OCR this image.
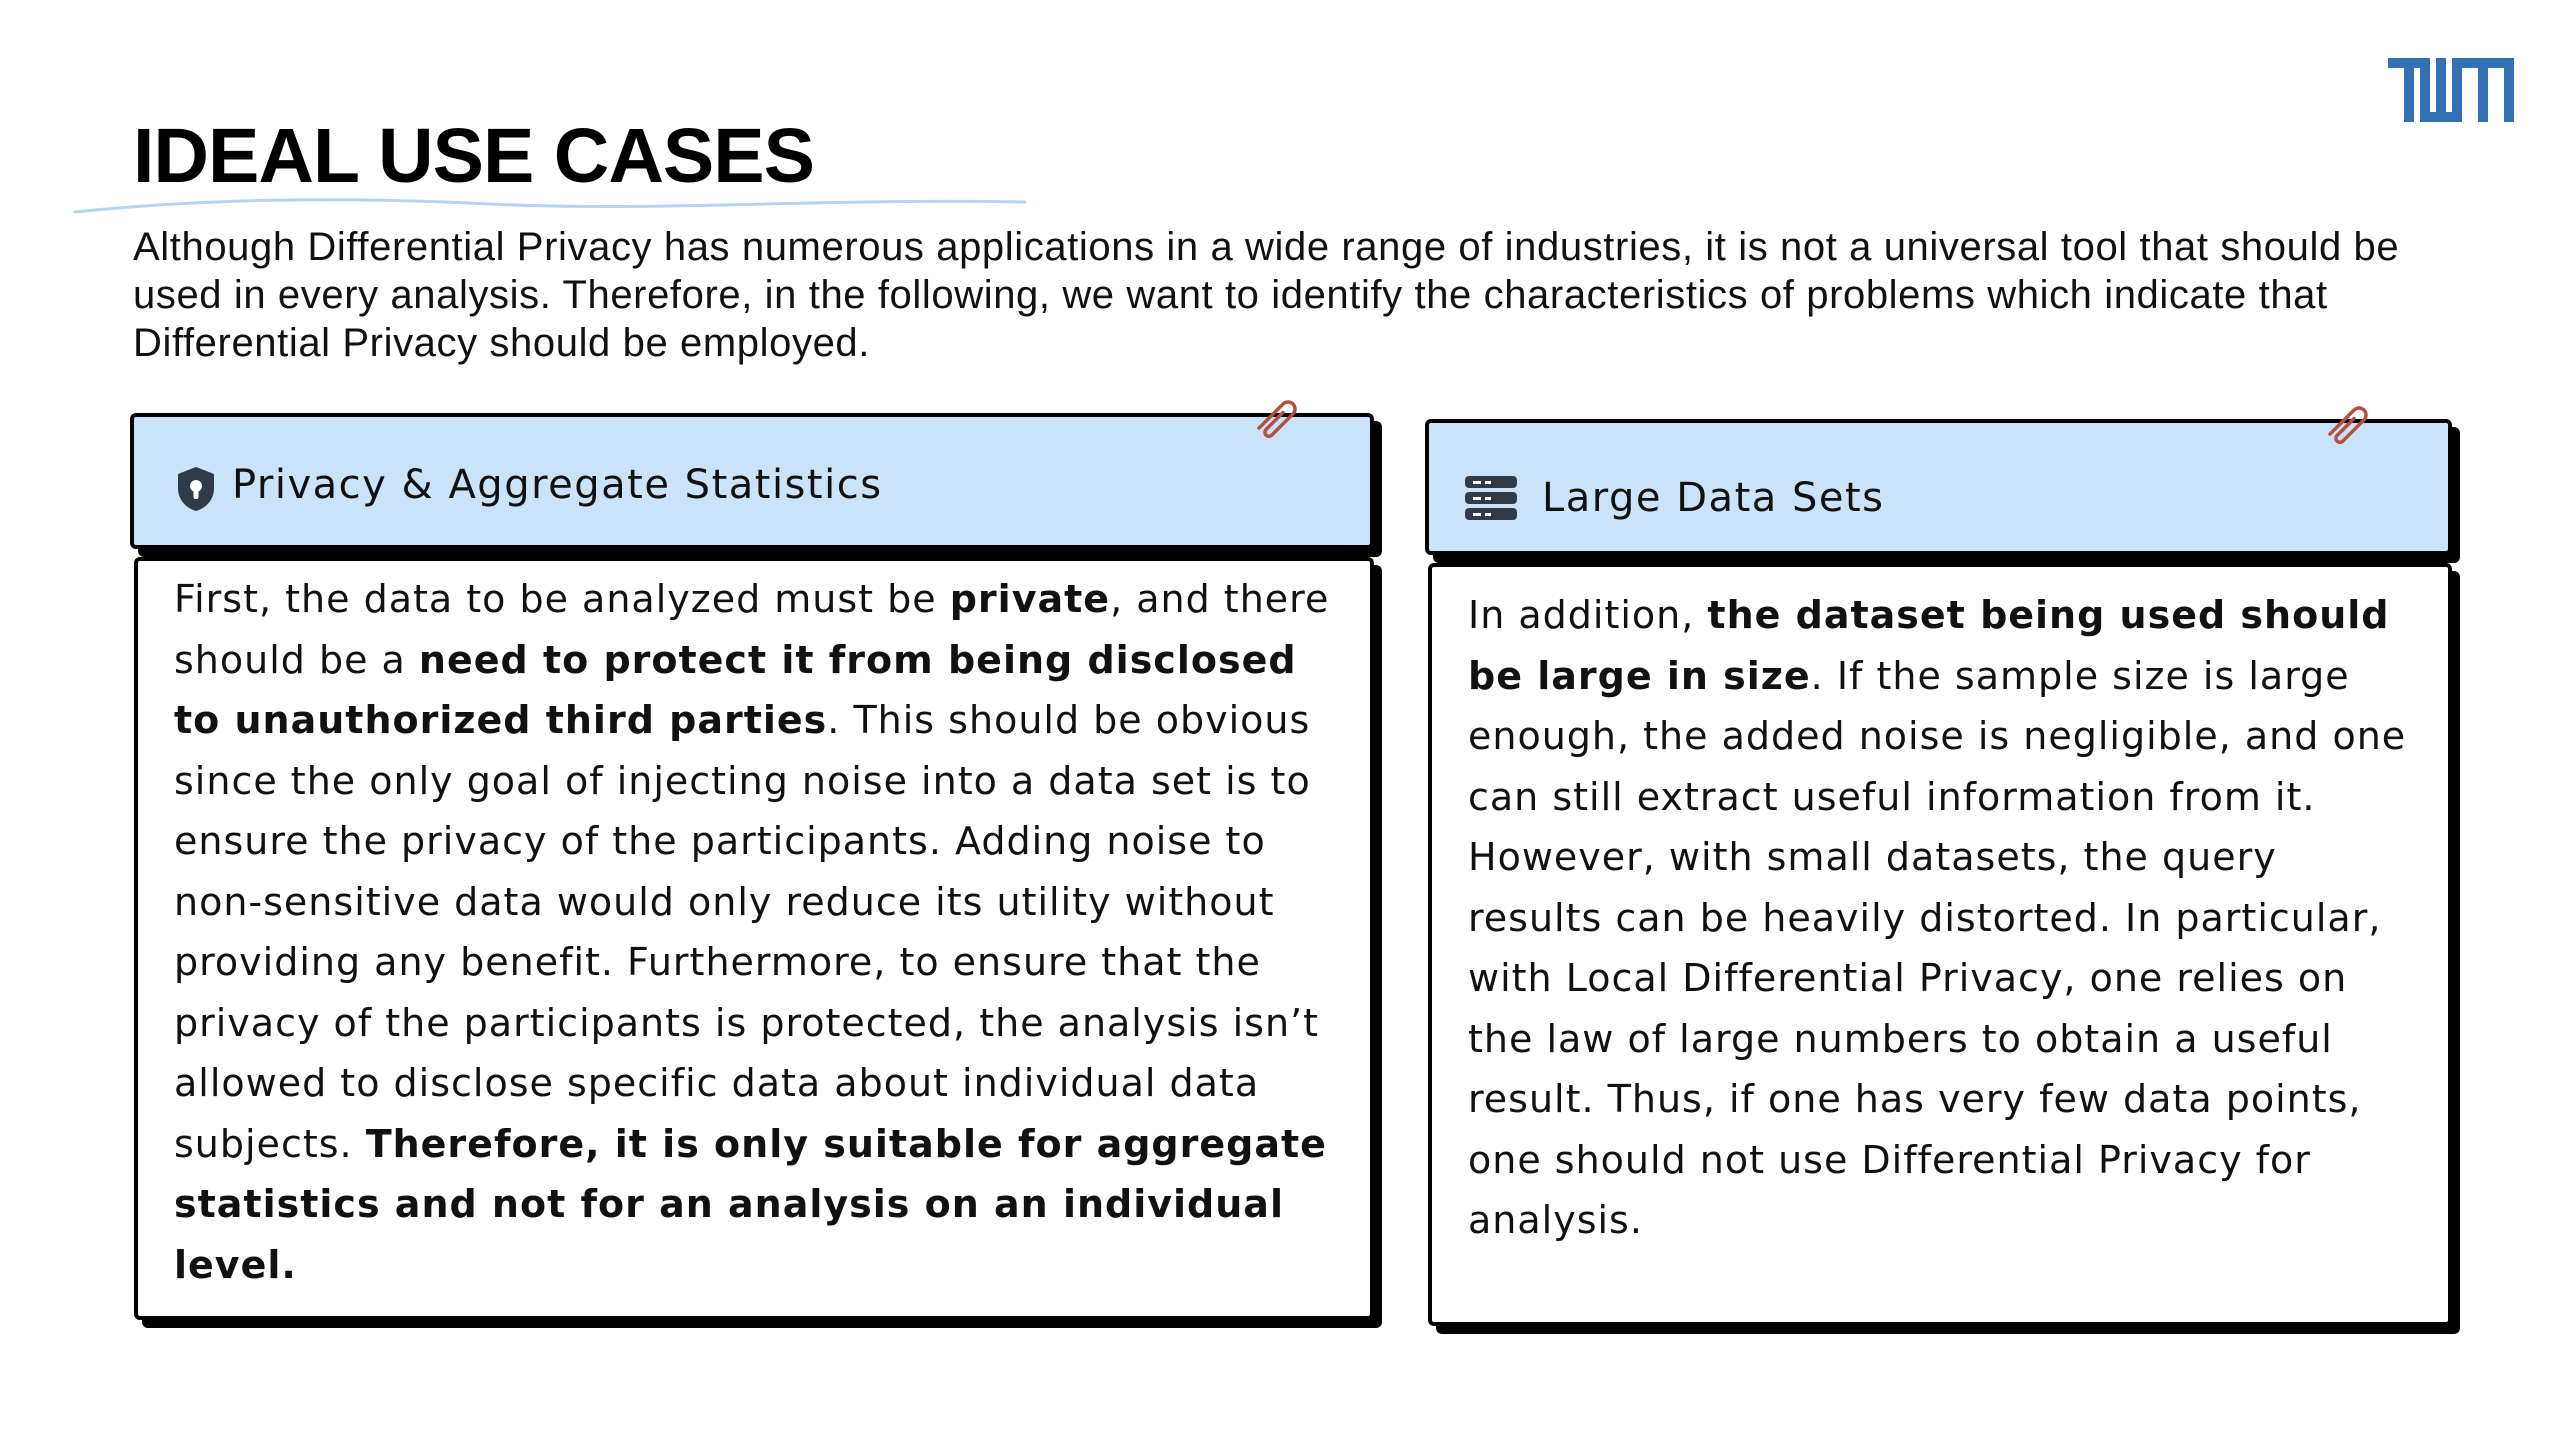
IDEAL USE CASES

Although Differential Privacy has numerous applications in a wide range of industries, it is not a universal tool that should be used in every analysis. Therefore, in the following, we want to identify the characteristics of problems which indicate that Differential Privacy should be employed.

Privacy & Aggregate Statistics

First, the data to be analyzed must be private, and there should be a need to protect it from being disclosed to unauthorized third parties. This should be obvious since the only goal of injecting noise into a data set is to ensure the privacy of the participants. Adding noise to non-sensitive data would only reduce its utility without providing any benefit. Furthermore, to ensure that the privacy of the participants is protected, the analysis isn’t allowed to disclose specific data about individual data subjects. Therefore, it is only suitable for aggregate statistics and not for an analysis on an individual level.

Large Data Sets

In addition, the dataset being used should be large in size. If the sample size is large enough, the added noise is negligible, and one can still extract useful information from it. However, with small datasets, the query results can be heavily distorted. In particular, with Local Differential Privacy, one relies on the law of large numbers to obtain a useful result. Thus, if one has very few data points, one should not use Differential Privacy for analysis.
